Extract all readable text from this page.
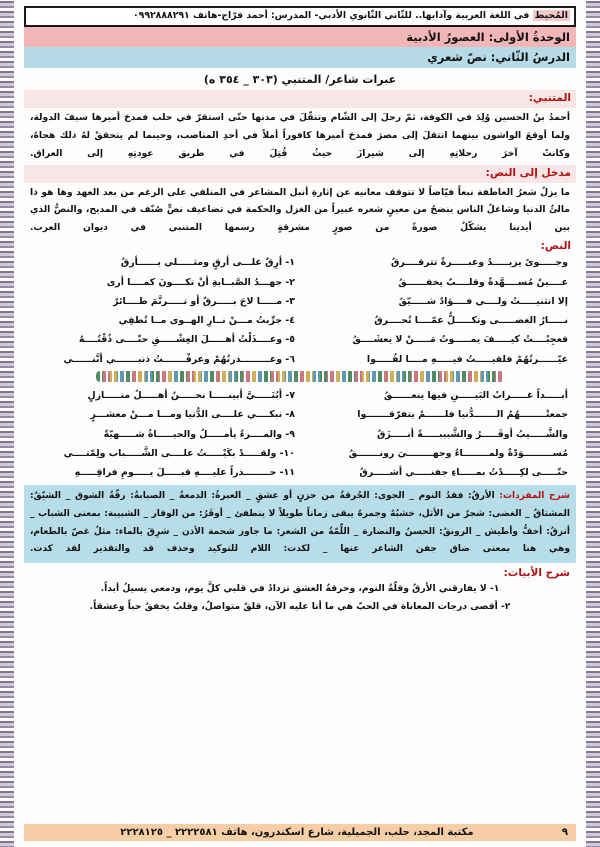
المُحيط في اللغة العربية وآدابها.. للثّاني الثّانوي الأدبي- المدرس: أحمد فرّاج-هاتف ٠٩٩٢٨٨٨٢٩١
الوحدةُ الأولى: العصورُ الأدبية
الدرسُ الثّاني: نصّ شعري
عبرات شاعر/ المتنبي (٣٠٣ _ ٣٥٤ ه)
المتنبي:
أحمدُ بنُ الحسين وُلِدَ في الكوفة، ثمّ رحلَ إلى الشّام وتنقّلَ في مدنها حتّى استقرّ في حلب فمدحَ أميرها سيفَ الدولة، ولما أوقعَ الواشون بينهما انتقلَ إلى مصرَ فمدحَ أميرها كافوراً أملاً في أحدِ المناصب، وحينما لم يتحققْ لهُ ذلك هجاهُ، وكانتْ آخرَ رحلاتِهِ إلى شيرازَ حيثُ قُتِلَ في طريق عودتِهِ إلى العراق.
مدخل إلى النص:
ما يزلُ شعرُ العاطفة نبعاً فيّاضاً لا تتوقف معانيه عن إثارةِ أنبل المشاعر في المتلقي على الرغم من بعد العهد وها هو ذا مالئُ الدنيا وشاغلُ الناس ينضحُ من معينٍ شعره عبيراً من الغزل والحكمة في تضاعيف نصٍّ صُنّف في المديح، والنصُّ الذي بين أيدينا يشكّلُ صورةً من صورٍ مشرقةٍ رسمها المتنبي في ديوان العرب.
النص:
وجـــــوىً يزيـــــدُ وعبـــــرةٌ تترقــــرقُ
١- أرِقٌ علـــى أرقٍ ومثـــــلي يــــــأرقُ
عــــينٌ مُســــهَّدةٌ وقلــــبٌ يخفــــــقُ
٢- جهـــدُ الصَّبــابةِ أنْ تكــــونَ كمــــا أرى
إلا انثنيـــــتُ ولــــي فــــؤادٌ شـــــيّقُ
٣- مـــــا لاحَ بـــــرقٌ أو تـــــرنَّمَ طــــائرٌ
نـــــارُ الغضـــــى وتكـــــلُّ عمّــــا تُحــــرقُ
٤- جرِّبتُ مـــنْ نــارِ الهــوى مــا تُطفِي
فعجِبْــــتُ كيـــــفَ يمـــــوتُ مَـــــنْ لا يعشَــــقُ
٥- وعــــذَلْتُ أهـــــلَ العِشْـــــقِ حتّــــى ذُقْتُــــهُ
عيّــــــرتُهُمْ فلقيـــــتُ فيـــــهِ مــــا لقُـــــوا
٦- وعـــــــــذرتُهُمْ وعرفْـــــــتُ ذنبـــــــي أنَّنــــــي
أبـــــداً غـــــرابُ البَيـــــنِ فيها ينعــــــقُ
٧- أبُنَـــــيَّ أبينـــــا نحـــــنُ أهـــــلُ منـــــازلٍ
جمعتْــــــــهُمُ الـــــــدُّنيا فلــــــمْ يتفرّقـــــــوا
٨- نبكــــي علــــى الدُّنيا ومـــا مـــنْ معشـــرٍ
والشَّـــــيبُ أوقَـــــرُ والشَّبيبـــــةُ أنـــــزَقُ
٩- والمــــرءُ يأمـــــلُ والحيـــــاةُ شـــــهيّةٌ
مُســـــــــوَدّةٌ ولمــــــــاءُ وجهــــــــيَ رونـــــــقُ
١٠- ولقـــــدْ بكَيْـــــتُ علــــى الشَّـــــباب ولِمّتــــي
حتّـــــى لكِـــــدْتُ بمـــــاءِ جفنـــــي أشـــــرقُ
١١- حــــــــذراً عليــــهِ قبـــــلَ يـــــومِ فراقِـــــهِ
شرح المفردات: الأرقُ: فقدُ النوم _ الجوى: الحُرقةُ من حزنٍ أو عشقٍ _ العبرةُ: الدمعةُ _ الصبابةُ: رقّةُ الشوق _ الشيّقُ: المشتاقُ _ الغضى: شجرٌ من الأثل، خشبُهُ وجمرهُ يبقى زماناً طويلاً لا ينطفئ _ أوقَرُ: من الوقار _ الشبيبة: بمعنى الشباب _ أنزقُ: أخفُّ وأطيش _ الرونقُ: الحسنُ والنضارة _ اللِّمّةُ من الشعر: ما جاوز شحمة الأذن _ شرِقَ بالماء: مثلُ غصّ بالطعام، وهي هنا بمعنى ضاق جفن الشاعر عنها _ لكدت: اللام للتوكيد وحذف قد والتقدير لقد كدت.
شرح الأبيات:
١- لا يفارقني الأرقُ وقلّةُ النوم، وحرقةُ العشق تزدادُ في قلبي كلَّ يوم، ودمعي يسيلُ أبداً.
٢- أقصى درجات المعاناة في الحبّ هي ما أنا عليه الآن، قلقٌ متواصلٌ، وقلبٌ يخفقُ حباً وعشقاً.
٩
مكتبة المجد، حلب، الجميلية، شارع اسكندرون، هاتف ٢٢٢٢٥٨١ _ ٢٢٢٨١٢٥
